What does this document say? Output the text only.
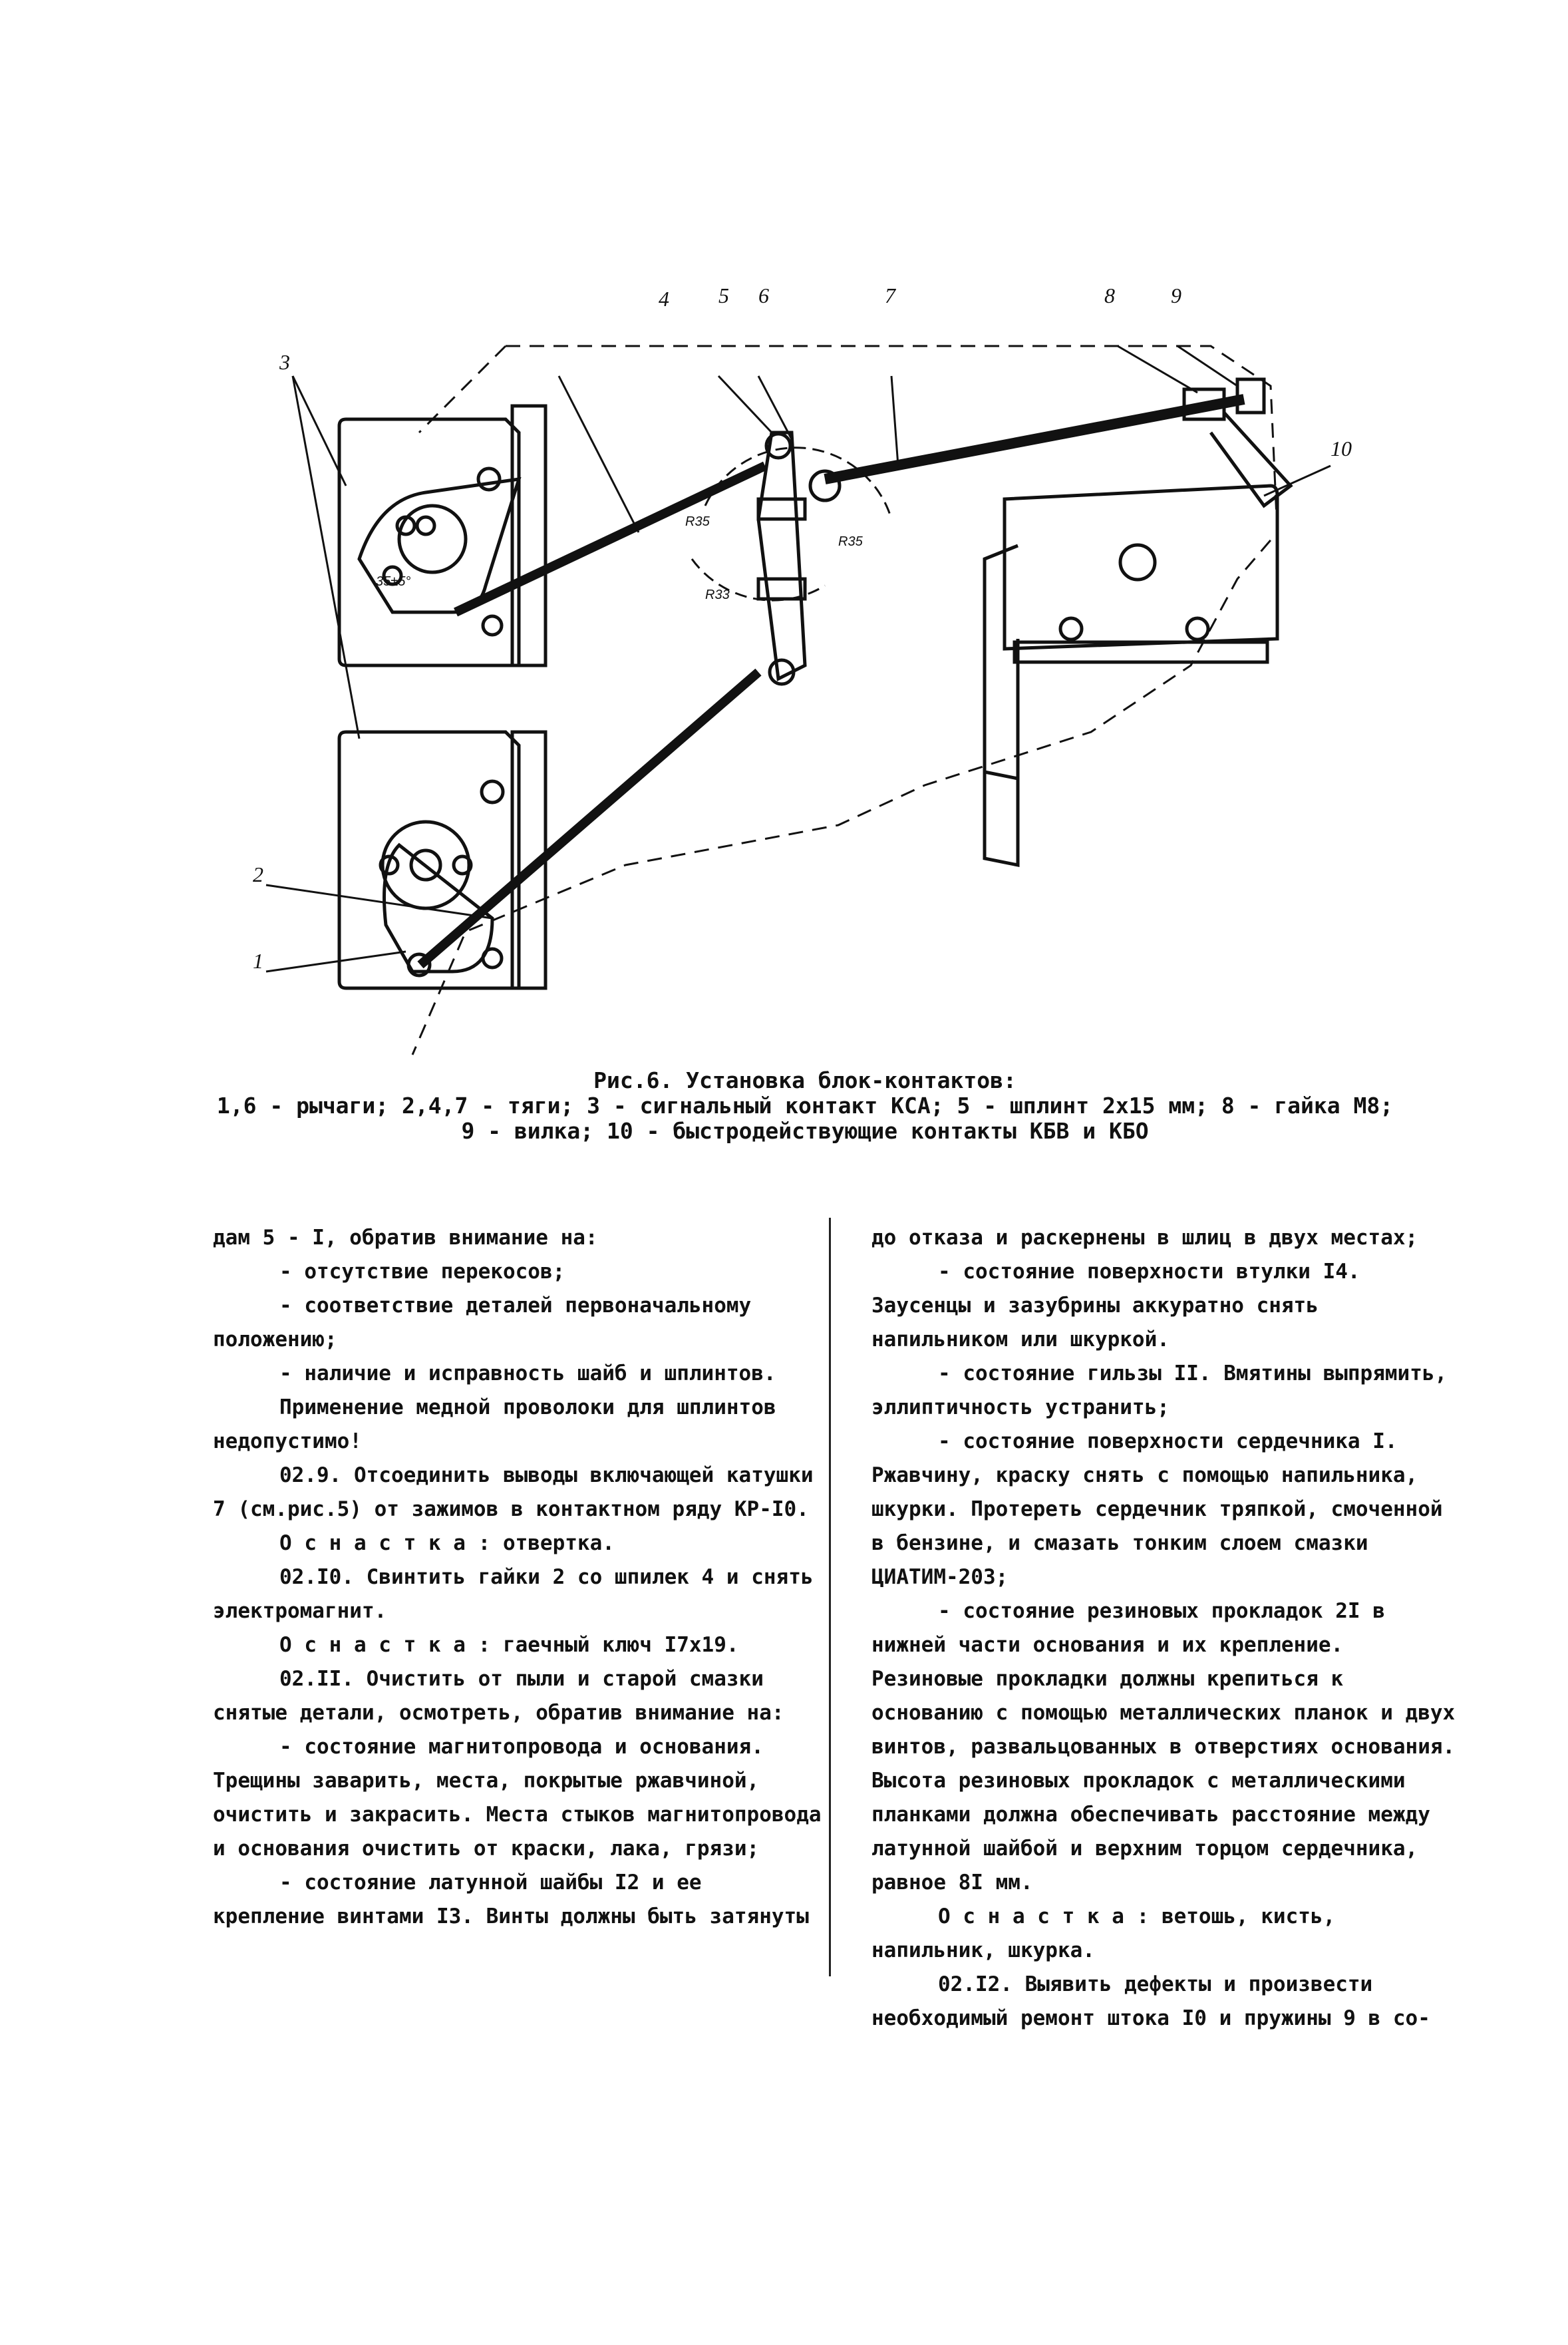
1
2
3
4 5 6	7	8	9
10
R35
R35
R33
35±5°
Рис.6. Установка блок-контактов:
1,6 - рычаги; 2,4,7 - тяги; 3 - сигнальный контакт КСА; 5 - шплинт 2х15 мм; 8 - гайка М8;
9 - вилка; 10 - быстродействующие контакты КБВ и КБО

дам 5 - I, обратив внимание на:

- отсутствие перекосов;

- соответствие деталей первоначальному положению;

- наличие и исправность шайб и шплинтов.

Применение медной проволоки для шплинтов недопустимо!

02.9. Отсоединить выводы включающей катушки 7 (см.рис.5) от зажимов в контактном ряду КР-I0.

О с н а с т к а : отвертка.

02.I0. Свинтить гайки 2 со шпилек 4 и снять электромагнит.

О с н а с т к а : гаечный ключ I7х19.

02.II. Очистить от пыли и старой смазки снятые детали, осмотреть, обратив внимание на:

- состояние магнитопровода и основания. Трещины заварить, места, покрытые ржавчиной, очистить и закрасить. Места стыков магнитопровода и основания очистить от краски, лака, грязи;

- состояние латунной шайбы I2 и ее крепление винтами I3. Винты должны быть затянуты

до отказа и раскернены в шлиц в двух местах;

- состояние поверхности втулки I4. Заусенцы и зазубрины аккуратно снять напильником или шкуркой.

- состояние гильзы II. Вмятины выпрямить, эллиптичность устранить;

- состояние поверхности сердечника I. Ржавчину, краску снять с помощью напильника, шкурки. Протереть сердечник тряпкой, смоченной в бензине, и смазать тонким слоем смазки ЦИАТИМ-203;

- состояние резиновых прокладок 2I в нижней части основания и их крепление. Резиновые прокладки должны крепиться к основанию с помощью металлических планок и двух винтов, развальцованных в отверстиях основания. Высота резиновых прокладок с металлическими планками должна обеспечивать расстояние между латунной шайбой и верхним торцом сердечника, равное 8I мм.

О с н а с т к а : ветошь, кисть, напильник, шкурка.

02.I2. Выявить дефекты и произвести необходимый ремонт штока I0 и пружины 9 в со-
